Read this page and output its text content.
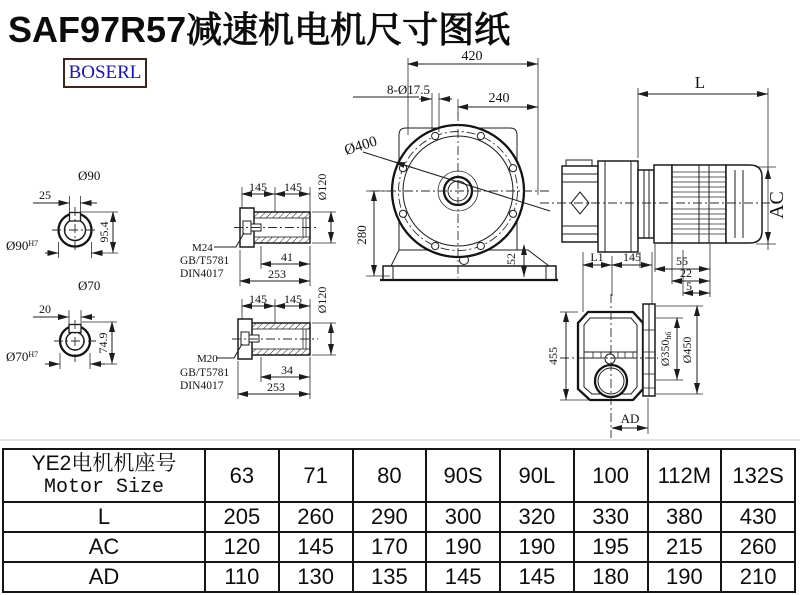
SAF97R57减速机电机尺寸图纸
BOSERL
Ø90
25
95.4
$Ø90^{H7}$
Ø70
20
74.9
$Ø70^{H7}$
145 145 Ø120
M24
GB/T5781
DIN4017
41
253
145 145 Ø120
M20
GB/T5781
DIN4017
34
253
Ø400
420
240
8-Ø17.5
280
52
L
AC
L1 145	55
22
5
455	Ø350h6
Ø450
AD
YE2电机机座号
Motor Size	63	71	80	90S	90L	100	112M	132S
L	205	260	290	300	320	330	380	430
AC	120	145	170	190	190	195	215	260
AD	110	130	135	145	145	180	190	210
